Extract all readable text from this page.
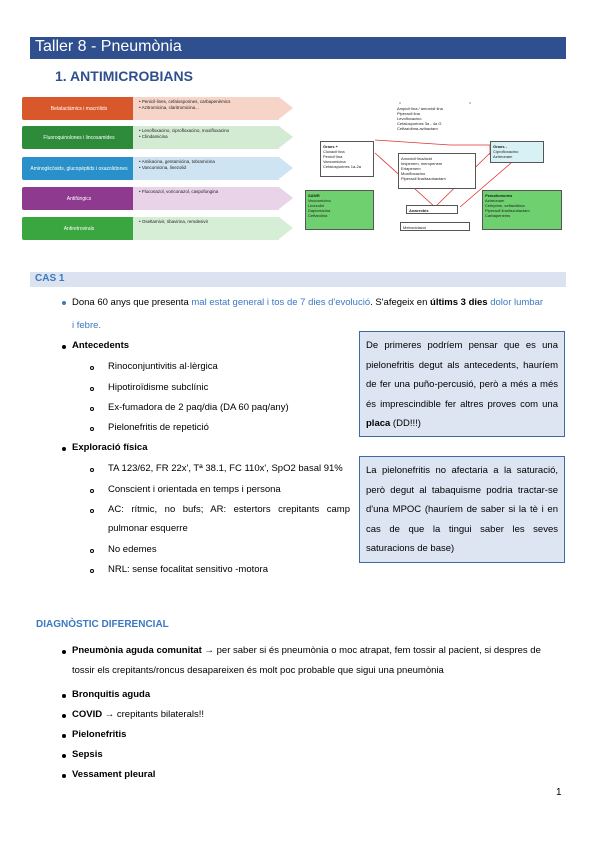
Taller 8 - Pneumònia
1. ANTIMICROBIANS
Betalactàmics i macròlids
• Penicil·lines, cefalosporines, carbapenèmics
• Azitromicina, claritromicina...
Fluoroquinolones i lincosamides
• Levofloxacino, ciprofloxacino, moxifloxacino
• Clindamicina
Aminoglicòsids, glucopèptids i oxazolidones
• Amikacina, gentamicina, tobramicina
• Vancomicina, linezolid
Antifúngics
• Fluconazol, voriconazol, caspofungina
Antiretrovirals
• Oseltamivir, ribavirina, remdesivir
Ampicil·lina / amoxicil·lina
Piperacil·lina
Levofloxacino
Cefalosporines 3a - 4a G
Ceftazidima-avibactam
Grans +
Cloxacil·lina
Penicil·lina
Vancomicina
Cefalosporines 1a-2a
Grans -
Ciprofloxacino
Aztreonam
Amoxicil·lina/àcid
Imipenem, meropenem
Ertapenem
Moxifloxacino
Piperacil·lina/tazobactam
SAMR
Vancomicina
Linezolid
Daptomicina
Ceftarolina
Pseudomones
Aztreonam
Cefepime, ceftazidima
Piperacil·lina/tazobactam
Carbapenems
Anaerobis
Metronidazol
CAS 1
Dona 60 anys que presenta mal estat general i tos de 7 dies d'evolució. S'afegeix en últims 3 dies dolor lumbar
i febre.
Antecedents
Rinoconjuntivitis al·lèrgica
Hipotiroïdisme subclínic
Ex-fumadora de 2 paq/dia (DA 60 paq/any)
Pielonefritis de repetició
Exploració física
TA 123/62, FR 22x', Tª 38.1, FC 110x', SpO2 basal 91%
Conscient i orientada en temps i persona
AC: rítmic, no bufs; AR: estertors crepitants camp
pulmonar esquerre
No edemes
NRL: sense focalitat sensitivo -motora
De primeres podríem pensar que es una pielonefritis degut als antecedents, hauríem de fer una puño-percusió, però a més a més és imprescindible fer altres proves com una placa (DD!!!)
La pielonefritis no afectaria a la saturació, però degut al tabaquisme podria tractar-se d'una MPOC (hauríem de saber si la tè i en cas de que la tingui saber les seves saturacions de base)
DIAGNÒSTIC DIFERENCIAL
Pneumònia aguda comunitat → per saber si és pneumònia o moc atrapat, fem tossir al pacient, si despres de
tossir els crepitants/roncus desapareixen és molt poc probable que sigui una pneumònia
Bronquitis aguda
COVID → crepitants bilaterals!!
Pielonefritis
Sepsis
Vessament pleural
1
